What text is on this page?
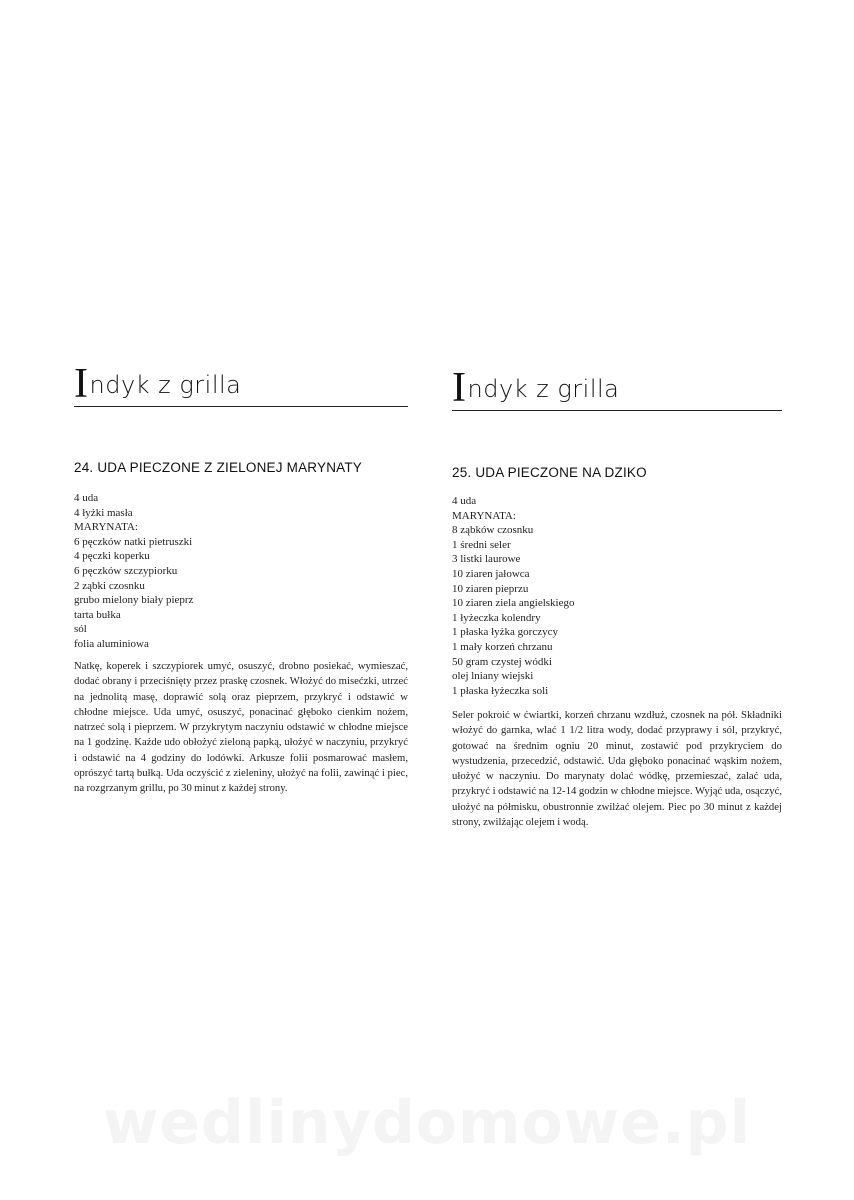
Indyk z grilla
24. UDA PIECZONE Z ZIELONEJ MARYNATY
4 uda
4 łyżki masła
MARYNATA:
6 pęczków natki pietruszki
4 pęczki koperku
6 pęczków szczypiorku
2 ząbki czosnku
grubo mielony biały pieprz
tarta bułka
sól
folia aluminiowa

Natkę, koperek i szczypiorek umyć, osuszyć, drobno posiekać, wymieszać, dodać obrany i przeciśnięty przez praskę czosnek. Włożyć do misećzki, utrzeć na jednolitą masę, doprawić solą oraz pieprzem, przykryć i odstawić w chłodne miejsce. Uda umyć, osuszyć, ponacinać głęboko cienkim nożem, natrzeć solą i pieprzem. W przykrytym naczyniu odstawić w chłodne miejsce na 1 godzinę. Każde udo obłożyć zieloną papką, ułożyć w naczyniu, przykryć i odstawić na 4 godziny do lodówki. Arkusze folii posmarować masłem, oprószyć tartą bułką. Uda oczyścić z zieleniny, ułożyć na folii, zawinąć i piec, na rozgrzanym grillu, po 30 minut z każdej strony.

Indyk z grilla
25. UDA PIECZONE NA DZIKO
4 uda
MARYNATA:
8 ząbków czosnku
1 średni seler
3 listki laurowe
10 ziaren jałowca
10 ziaren pieprzu
10 ziaren ziela angielskiego
1 łyżeczka kolendry
1 płaska łyżka gorczycy
1 mały korzeń chrzanu
50 gram czystej wódki
olej lniany wiejski
1 płaska łyżeczka soli

Seler pokroić w ćwiartki, korzeń chrzanu wzdłuż, czosnek na pół. Składniki włożyć do garnka, wlać 1 1/2 litra wody, dodać przyprawy i sól, przykryć, gotować na średnim ogniu 20 minut, zostawić pod przykryciem do wystudzenia, przecedzić, odstawić. Uda głęboko ponacinać wąskim nożem, ułożyć w naczyniu. Do marynaty dolać wódkę, przemieszać, zalać uda, przykryć i odstawić na 12-14 godzin w chłodne miejsce. Wyjąć uda, osączyć, ułożyć na półmisku, obustronnie zwilżać olejem. Piec po 30 minut z każdej strony, zwilżając olejem i wodą.

wedlinydomowe.pl
